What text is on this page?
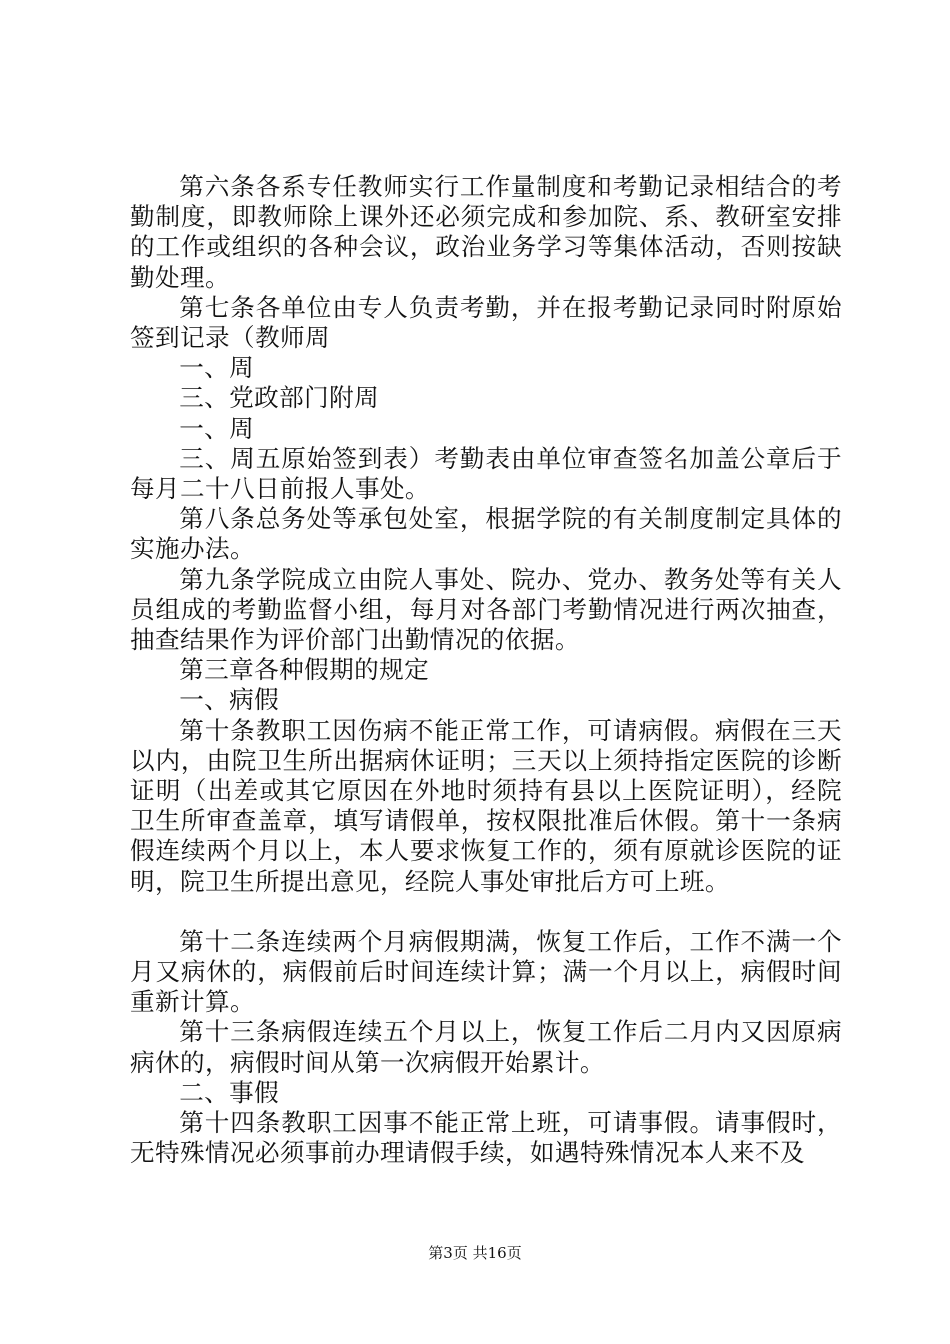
第六条各系专任教师实行工作量制度和考勤记录相结合的考勤制度，即教师除上课外还必须完成和参加院、系、教研室安排的工作或组织的各种会议，政治业务学习等集体活动，否则按缺勤处理。

第七条各单位由专人负责考勤，并在报考勤记录同时附原始签到记录（教师周

一、周

三、党政部门附周

一、周

三、周五原始签到表）考勤表由单位审查签名加盖公章后于每月二十八日前报人事处。

第八条总务处等承包处室，根据学院的有关制度制定具体的实施办法。

第九条学院成立由院人事处、院办、党办、教务处等有关人员组成的考勤监督小组，每月对各部门考勤情况进行两次抽查，抽查结果作为评价部门出勤情况的依据。

第三章各种假期的规定

一、病假

第十条教职工因伤病不能正常工作，可请病假。病假在三天以内，由院卫生所出据病休证明；三天以上须持指定医院的诊断证明（出差或其它原因在外地时须持有县以上医院证明），经院卫生所审查盖章，填写请假单，按权限批准后休假。第十一条病假连续两个月以上，本人要求恢复工作的，须有原就诊医院的证明，院卫生所提出意见，经院人事处审批后方可上班。

第十二条连续两个月病假期满，恢复工作后，工作不满一个月又病休的，病假前后时间连续计算；满一个月以上，病假时间重新计算。

第十三条病假连续五个月以上，恢复工作后二月内又因原病病休的，病假时间从第一次病假开始累计。

二、事假

第十四条教职工因事不能正常上班，可请事假。请事假时，无特殊情况必须事前办理请假手续，如遇特殊情况本人来不及

第3页 共16页
